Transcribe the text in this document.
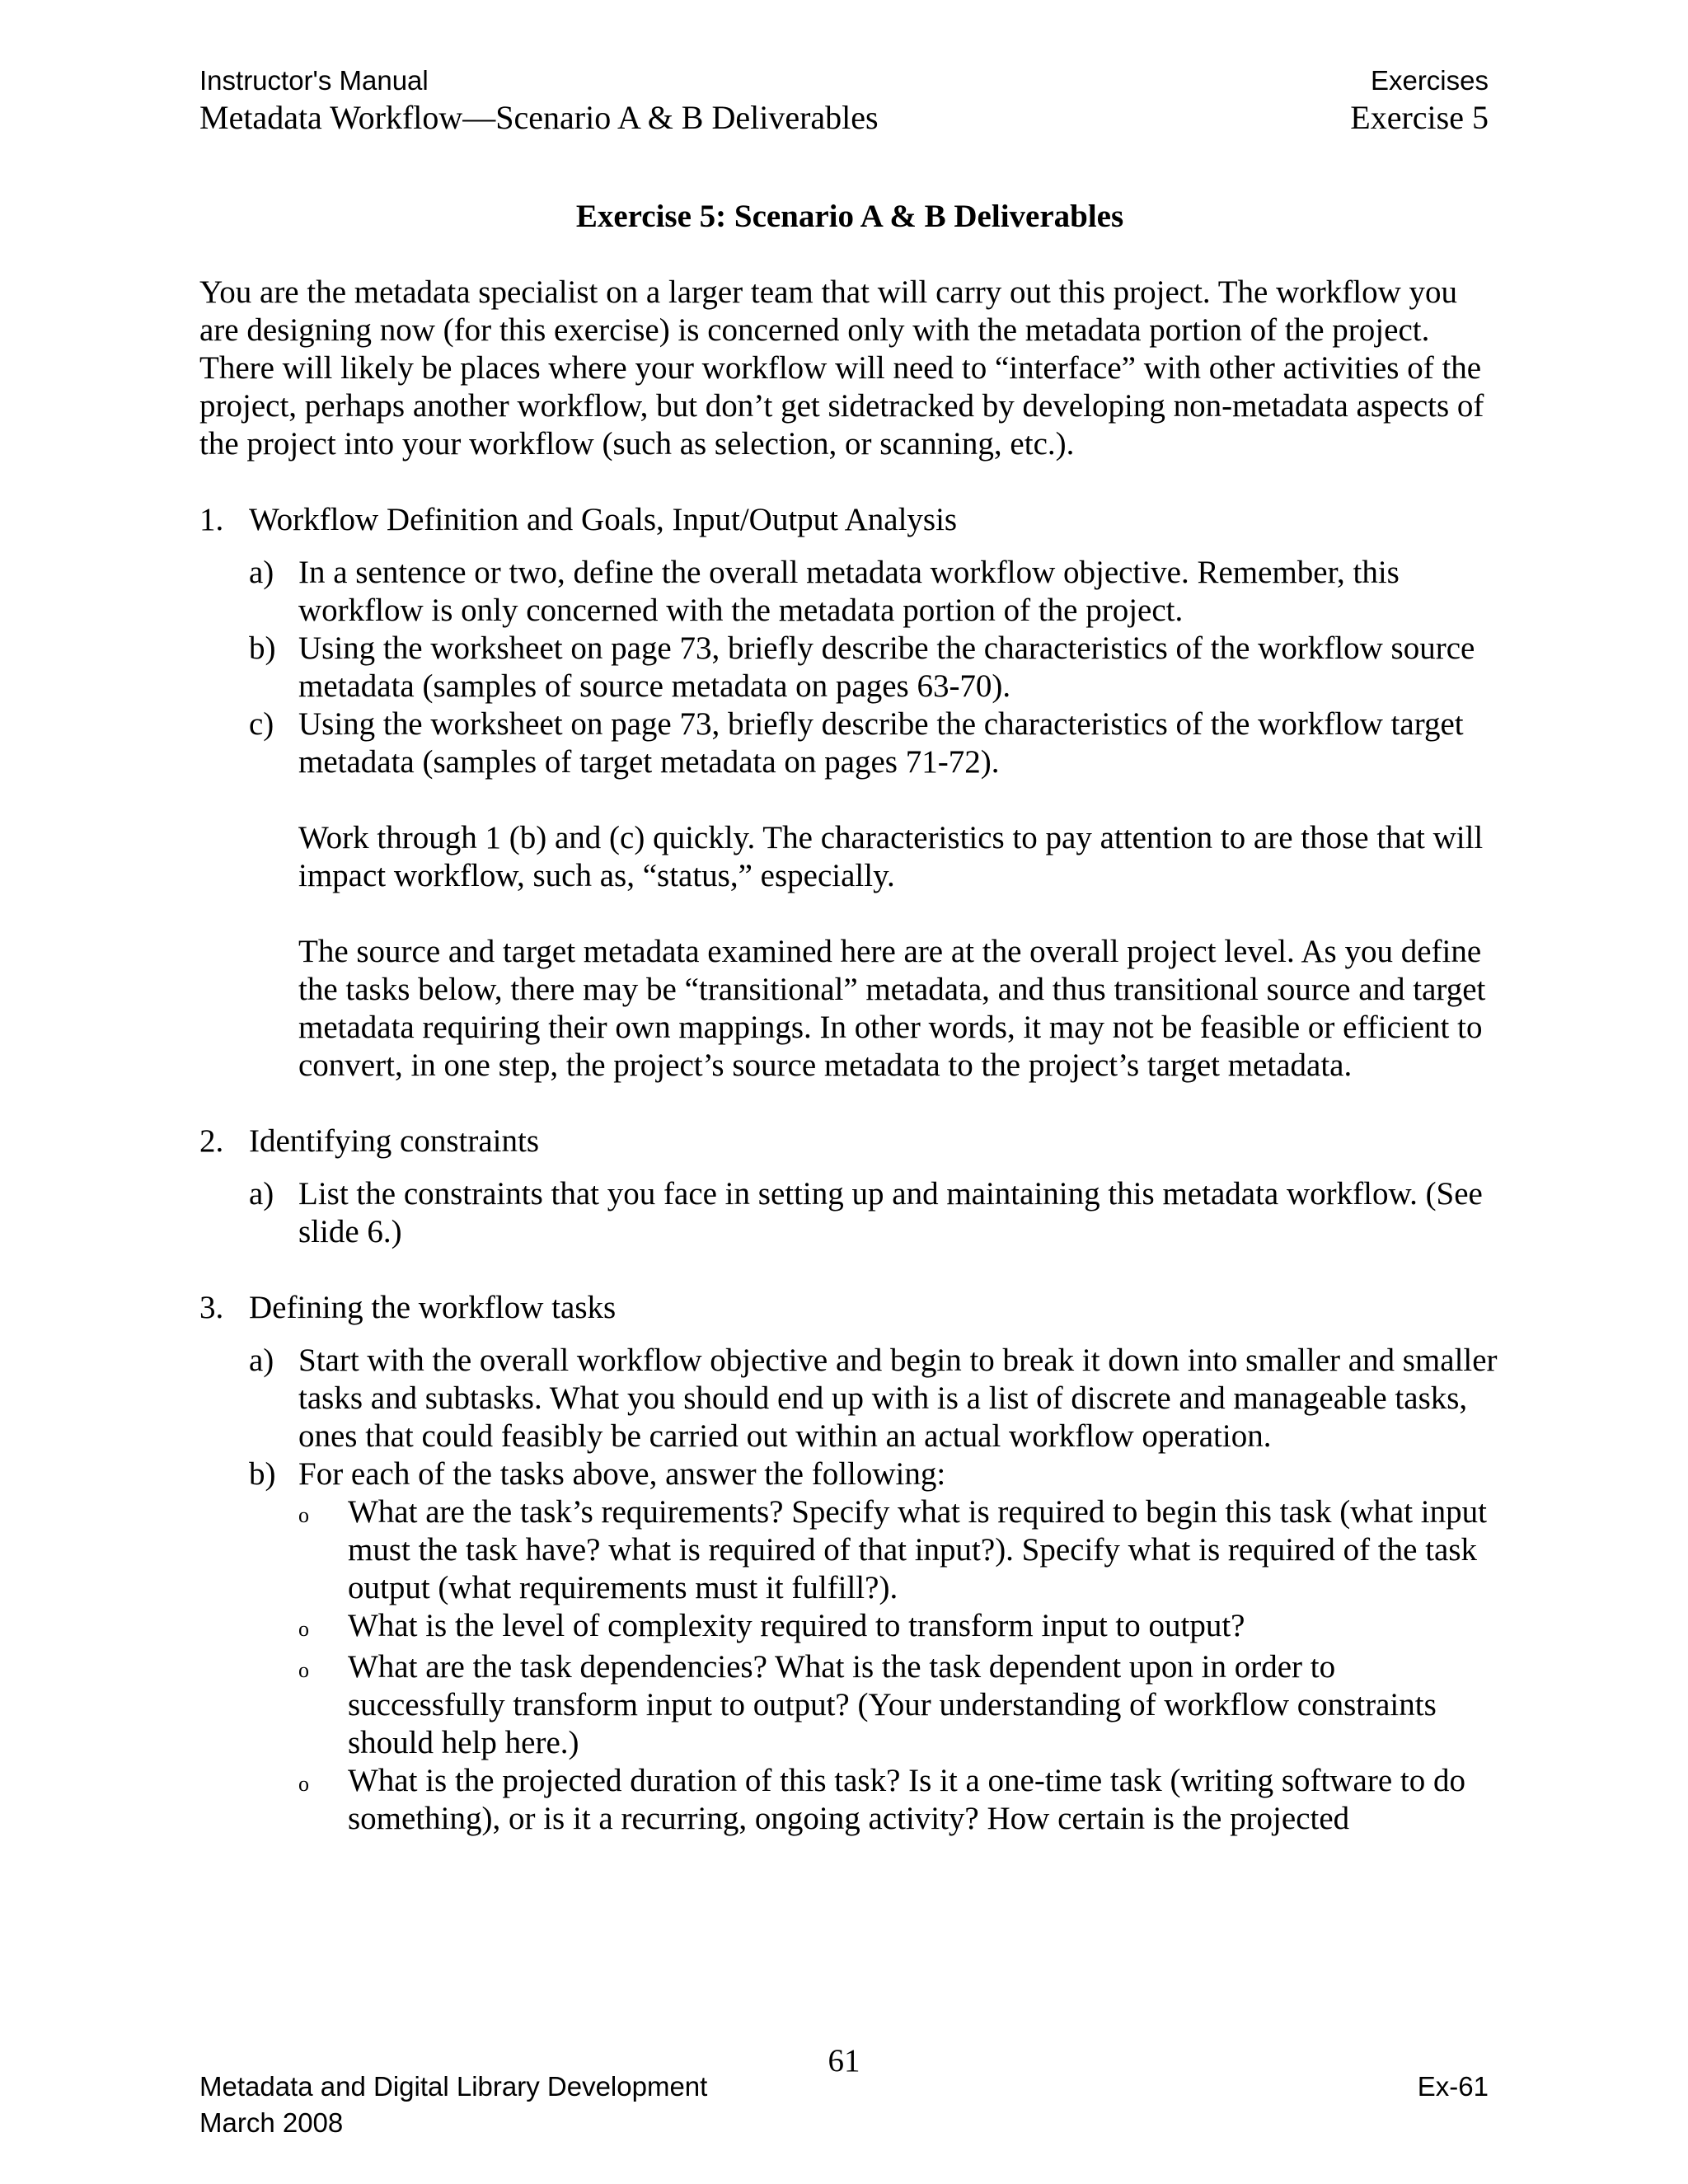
Instructor's Manual	Exercises
Metadata Workflow—Scenario A & B Deliverables	Exercise 5
Exercise 5: Scenario A & B Deliverables
You are the metadata specialist on a larger team that will carry out this project. The workflow you are designing now (for this exercise) is concerned only with the metadata portion of the project. There will likely be places where your workflow will need to “interface” with other activities of the project, perhaps another workflow, but don’t get sidetracked by developing non-metadata aspects of the project into your workflow (such as selection, or scanning, etc.).
1. Workflow Definition and Goals, Input/Output Analysis
a) In a sentence or two, define the overall metadata workflow objective. Remember, this workflow is only concerned with the metadata portion of the project.
b) Using the worksheet on page 73, briefly describe the characteristics of the workflow source metadata (samples of source metadata on pages 63-70).
c) Using the worksheet on page 73, briefly describe the characteristics of the workflow target metadata (samples of target metadata on pages 71-72).
Work through 1 (b) and (c) quickly. The characteristics to pay attention to are those that will impact workflow, such as, “status,” especially.
The source and target metadata examined here are at the overall project level. As you define the tasks below, there may be “transitional” metadata, and thus transitional source and target metadata requiring their own mappings. In other words, it may not be feasible or efficient to convert, in one step, the project’s source metadata to the project’s target metadata.
2. Identifying constraints
a) List the constraints that you face in setting up and maintaining this metadata workflow. (See slide 6.)
3. Defining the workflow tasks
a) Start with the overall workflow objective and begin to break it down into smaller and smaller tasks and subtasks. What you should end up with is a list of discrete and manageable tasks, ones that could feasibly be carried out within an actual workflow operation.
b) For each of the tasks above, answer the following:
o	What are the task’s requirements? Specify what is required to begin this task (what input must the task have? what is required of that input?). Specify what is required of the task output (what requirements must it fulfill?).
o	What is the level of complexity required to transform input to output?
o	What are the task dependencies? What is the task dependent upon in order to successfully transform input to output? (Your understanding of workflow constraints should help here.)
o	What is the projected duration of this task? Is it a one-time task (writing software to do something), or is it a recurring, ongoing activity? How certain is the projected
61
Metadata and Digital Library Development	Ex-61
March 2008
